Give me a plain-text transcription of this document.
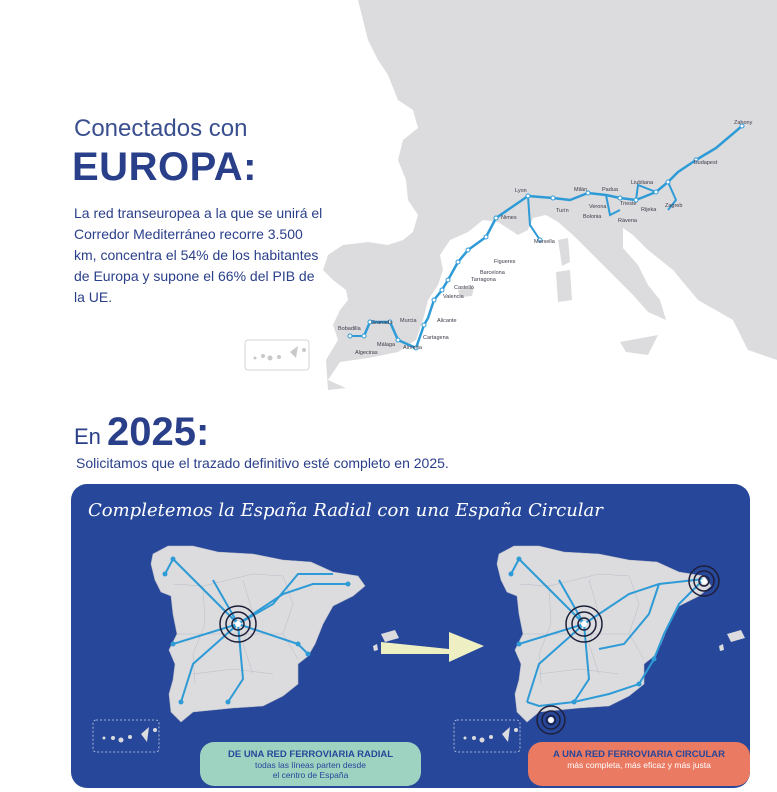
Zahony
Budapest
Liubliana
Zagreb
Rijeka
Trieste
Padua
Milán
Verona
Bolonia
Rávena
Turín
Lyon
Nimes
Marsella
Figueres
Barcelona
Tarragona
Castelló
Valencia
Alicante
Murcia
Cartagena
Almería
Málaga
Granada
Bobadilla
Algeciras
Conectados con
EUROPA:
La red transeuropea a la que se unirá el Corredor Mediterráneo recorre 3.500 km, concentra el 54% de los habitantes de Europa y supone el 66% del PIB de la UE.
En 2025:
Solicitamos que el trazado definitivo esté completo en 2025.
Completemos la España Radial con una España Circular
DE UNA RED FERROVIARIA RADIAL
todas las líneas parten desde
el centro de España
A UNA RED FERROVIARIA CIRCULAR
más completa, más eficaz y más justa
